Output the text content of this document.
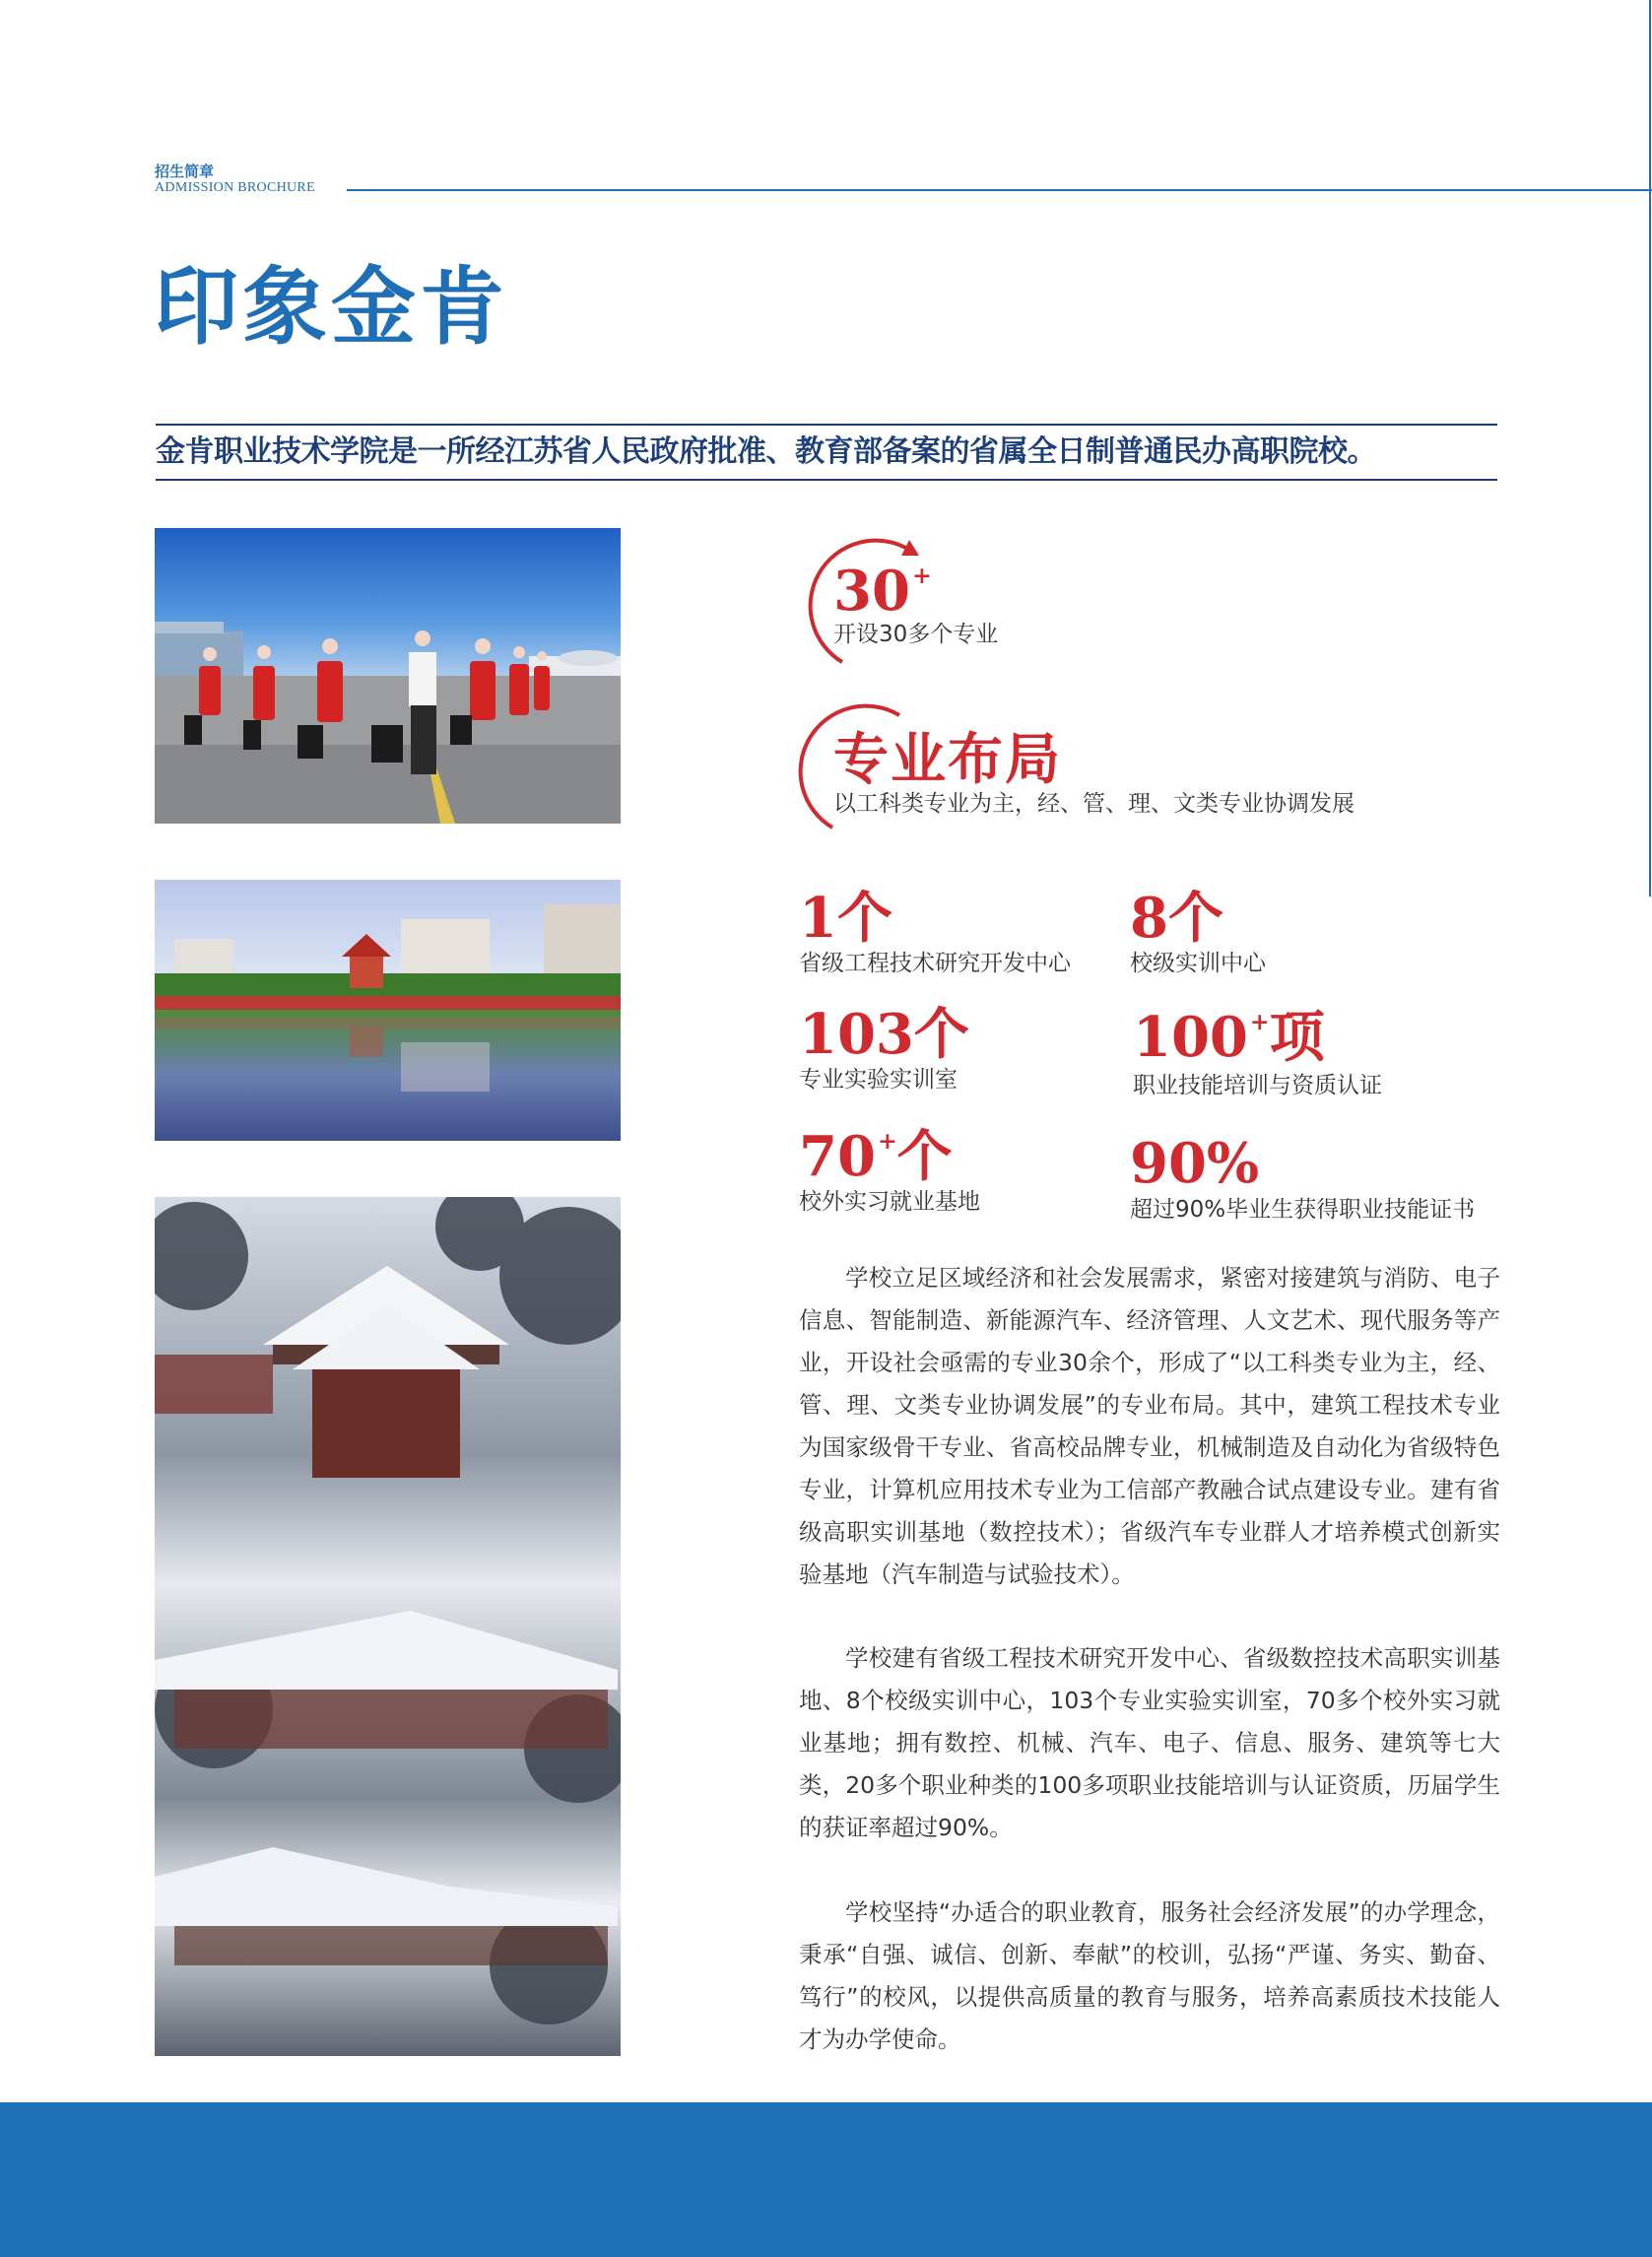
招生简章
ADMISSION BROCHURE
印象金肯
金肯职业技术学院是一所经江苏省人民政府批准、教育部备案的省属全日制普通民办高职院校。
30+
开设30多个专业
专业布局
以工科类专业为主，经、管、理、文类专业协调发展
1个
省级工程技术研究开发中心
8个
校级实训中心
103个
专业实验实训室
100+项
职业技能培训与资质认证
70+个
校外实习就业基地
90%
超过90%毕业生获得职业技能证书

学校立足区域经济和社会发展需求，紧密对接建筑与消防、电子信息、智能制造、新能源汽车、经济管理、人文艺术、现代服务等产业，开设社会亟需的专业30余个，形成了“以工科类专业为主，经、管、理、文类专业协调发展”的专业布局。其中，建筑工程技术专业为国家级骨干专业、省高校品牌专业，机械制造及自动化为省级特色专业，计算机应用技术专业为工信部产教融合试点建设专业。建有省级高职实训基地（数控技术）；省级汽车专业群人才培养模式创新实验基地（汽车制造与试验技术）。

学校建有省级工程技术研究开发中心、省级数控技术高职实训基地、8个校级实训中心，103个专业实验实训室，70多个校外实习就业基地；拥有数控、机械、汽车、电子、信息、服务、建筑等七大类，20多个职业种类的100多项职业技能培训与认证资质，历届学生的获证率超过90%。

学校坚持“办适合的职业教育，服务社会经济发展”的办学理念，秉承“自强、诚信、创新、奉献”的校训，弘扬“严谨、务实、勤奋、笃行”的校风，以提供高质量的教育与服务，培养高素质技术技能人才为办学使命。
